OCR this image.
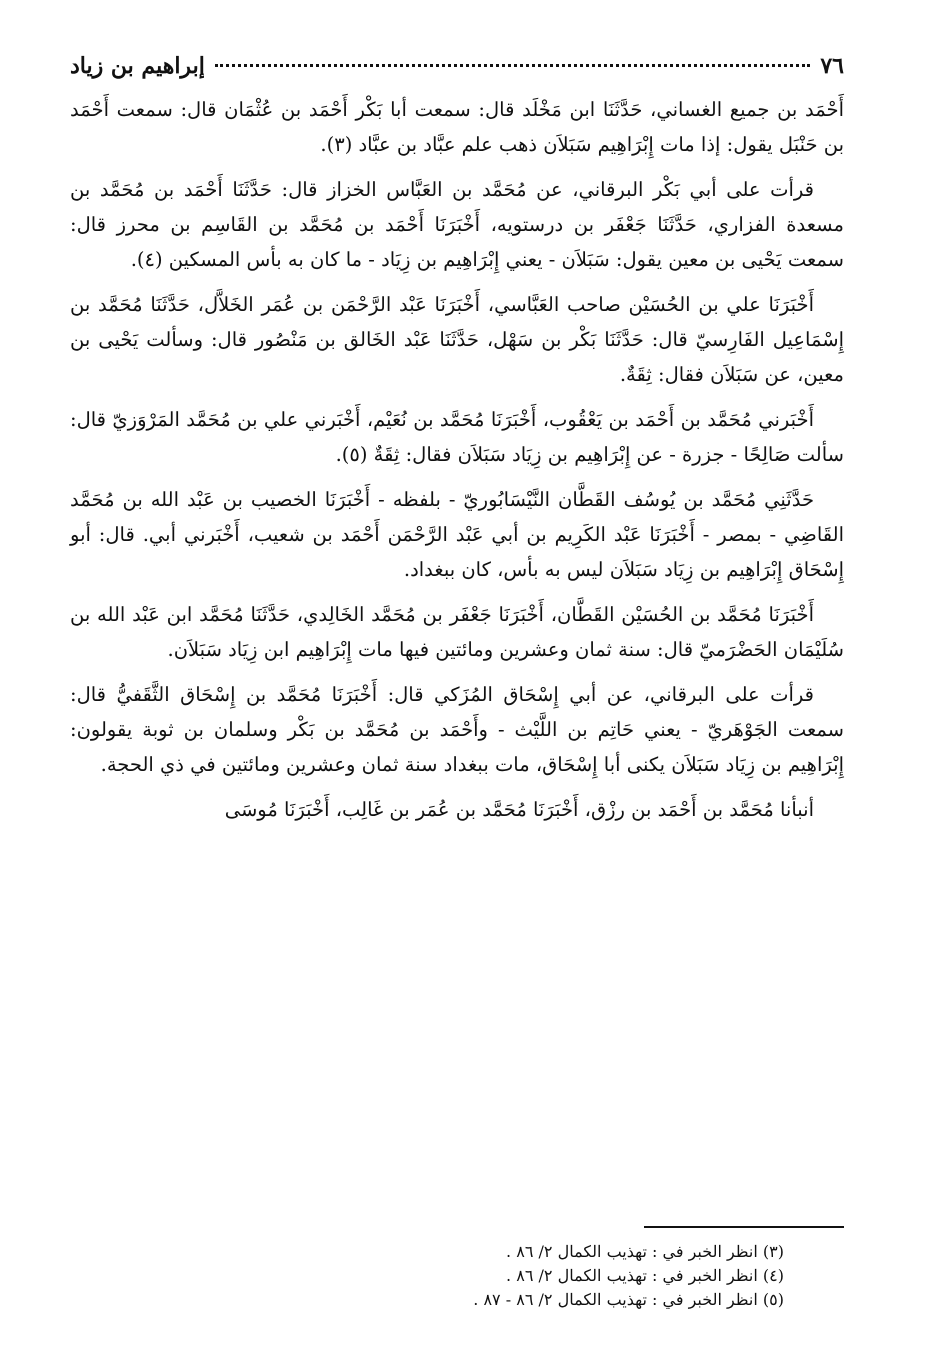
٧٦
إبراهيم بن زياد

أَحْمَد بن جميع الغساني، حَدَّثَنَا ابن مَخْلَد قال: سمعت أبا بَكْر أَحْمَد بن عُثْمَان قال: سمعت أَحْمَد بن حَنْبَل يقول: إذا مات إِبْرَاهِيم سَبَلاَن ذهب علم عبَّاد بن عبَّاد (٣).

قرأت على أبي بَكْر البرقاني، عن مُحَمَّد بن العَبَّاس الخزاز قال: حَدَّثَنَا أَحْمَد بن مُحَمَّد بن مسعدة الفزاري، حَدَّثَنَا جَعْفَر بن درستويه، أَخْبَرَنَا أَحْمَد بن مُحَمَّد بن القَاسِم بن محرز قال: سمعت يَحْيى بن معين يقول: سَبَلاَن - يعني إِبْرَاهِيم بن زِيَاد - ما كان به بأس المسكين (٤).

أَخْبَرَنَا علي بن الحُسَيْن صاحب العَبَّاسي، أَخْبَرَنَا عَبْد الرَّحْمَن بن عُمَر الخَلاَّل، حَدَّثَنَا مُحَمَّد بن إِسْمَاعِيل الفَارِسيّ قال: حَدَّثَنَا بَكْر بن سَهْل، حَدَّثَنَا عَبْد الخَالق بن مَنْصُور قال: وسألت يَحْيى بن معين، عن سَبَلاَن فقال: ثِقَةٌ.

أَخْبَرني مُحَمَّد بن أَحْمَد بن يَعْقُوب، أَخْبَرَنَا مُحَمَّد بن نُعَيْم، أَخْبَرني علي بن مُحَمَّد المَرْوَزيّ قال: سألت صَالِحًا - جزرة - عن إِبْرَاهِيم بن زِيَاد سَبَلاَن فقال: ثِقَةٌ (٥).

حَدَّثَنِي مُحَمَّد بن يُوسُف القَطَّان النَّيْسَابُوريّ - بلفظه - أَخْبَرَنَا الخصيب بن عَبْد الله بن مُحَمَّد القَاضِي - بمصر - أَخْبَرَنَا عَبْد الكَرِيم بن أبي عَبْد الرَّحْمَن أَحْمَد بن شعيب، أَخْبَرني أبي. قال: أبو إِسْحَاق إِبْرَاهِيم بن زِيَاد سَبَلاَن ليس به بأس، كان ببغداد.

أَخْبَرَنَا مُحَمَّد بن الحُسَيْن القَطَّان، أَخْبَرَنَا جَعْفَر بن مُحَمَّد الخَالِدي، حَدَّثَنَا مُحَمَّد ابن عَبْد الله بن سُلَيْمَان الحَضْرَميّ قال: سنة ثمان وعشرين ومائتين فيها مات إِبْرَاهِيم ابن زِيَاد سَبَلاَن.

قرأت على البرقاني، عن أبي إِسْحَاق المُزَكي قال: أَخْبَرَنَا مُحَمَّد بن إِسْحَاق الثَّقَفيُّ قال: سمعت الجَوْهَريّ - يعني حَاتِم بن اللَّيْث - وأَحْمَد بن مُحَمَّد بن بَكْر وسلمان بن ثوبة يقولون: إِبْرَاهِيم بن زِيَاد سَبَلاَن يكنى أبا إِسْحَاق، مات ببغداد سنة ثمان وعشرين ومائتين في ذي الحجة.

أنبأنا مُحَمَّد بن أَحْمَد بن رزْق، أَخْبَرَنَا مُحَمَّد بن عُمَر بن غَالِب، أَخْبَرَنَا مُوسَى

(٣) انظر الخبر في : تهذيب الكمال ٢/ ٨٦ .
(٤) انظر الخبر في : تهذيب الكمال ٢/ ٨٦ .
(٥) انظر الخبر في : تهذيب الكمال ٢/ ٨٦ - ٨٧ .
